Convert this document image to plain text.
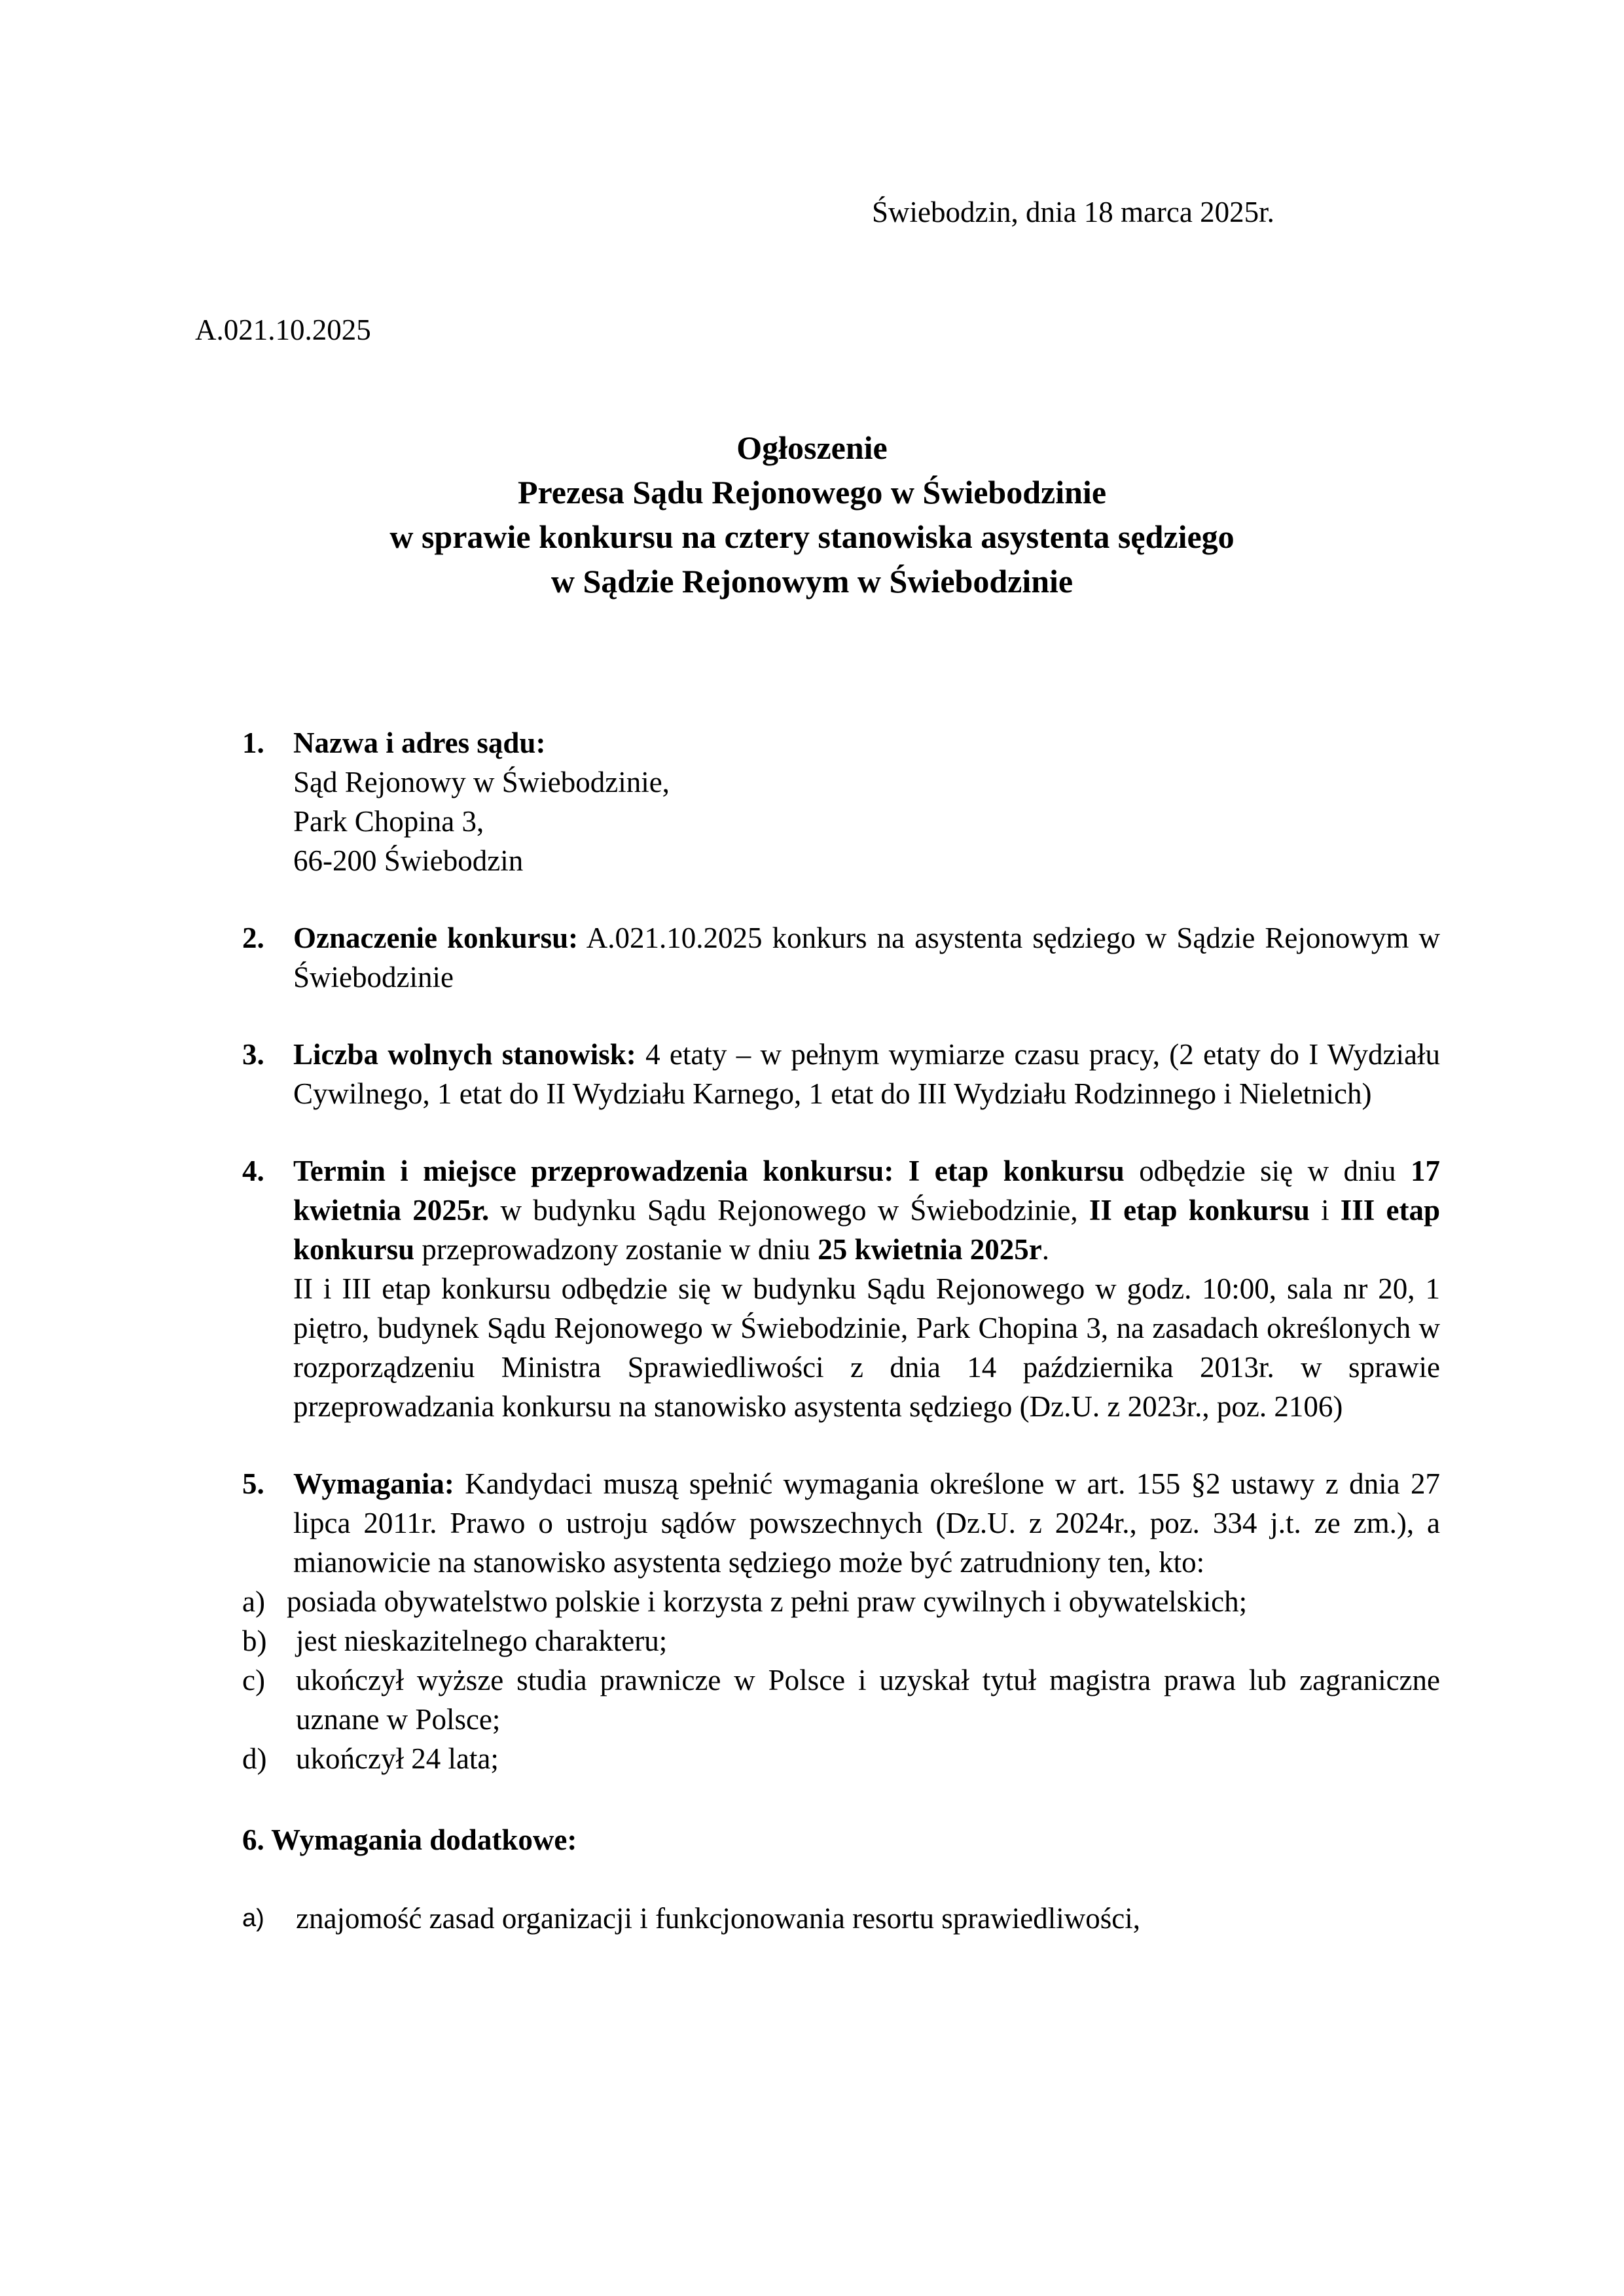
Świebodzin, dnia 18 marca 2025r.
A.021.10.2025
Ogłoszenie
Prezesa Sądu Rejonowego w Świebodzinie
w sprawie konkursu na cztery stanowiska asystenta sędziego
w Sądzie Rejonowym w Świebodzinie
1. Nazwa i adres sądu:
Sąd Rejonowy w Świebodzinie,
Park Chopina 3,
66-200 Świebodzin
2. Oznaczenie konkursu: A.021.10.2025 konkurs na asystenta sędziego w Sądzie Rejonowym w Świebodzinie
3. Liczba wolnych stanowisk: 4 etaty – w pełnym wymiarze czasu pracy, (2 etaty do I Wydziału Cywilnego, 1 etat do II Wydziału Karnego, 1 etat do III Wydziału Rodzinnego i Nieletnich)
4. Termin i miejsce przeprowadzenia konkursu: I etap konkursu odbędzie się w dniu 17 kwietnia 2025r. w budynku Sądu Rejonowego w Świebodzinie, II etap konkursu i III etap konkursu przeprowadzony zostanie w dniu 25 kwietnia 2025r.
II i III etap konkursu odbędzie się w budynku Sądu Rejonowego w godz. 10:00, sala nr 20, 1 piętro, budynek Sądu Rejonowego w Świebodzinie, Park Chopina 3, na zasadach określonych w rozporządzeniu Ministra Sprawiedliwości z dnia 14 października 2013r. w sprawie przeprowadzania konkursu na stanowisko asystenta sędziego (Dz.U. z 2023r., poz. 2106)
5. Wymagania: Kandydaci muszą spełnić wymagania określone w art. 155 §2 ustawy z dnia 27 lipca 2011r. Prawo o ustroju sądów powszechnych (Dz.U. z 2024r., poz. 334 j.t. ze zm.), a mianowicie na stanowisko asystenta sędziego może być zatrudniony ten, kto:
a) posiada obywatelstwo polskie i korzysta z pełni praw cywilnych i obywatelskich;
b) jest nieskazitelnego charakteru;
c) ukończył wyższe studia prawnicze w Polsce i uzyskał tytuł magistra prawa lub zagraniczne uznane w Polsce;
d) ukończył 24 lata;
6. Wymagania dodatkowe:
a) znajomość zasad organizacji i funkcjonowania resortu sprawiedliwości,
